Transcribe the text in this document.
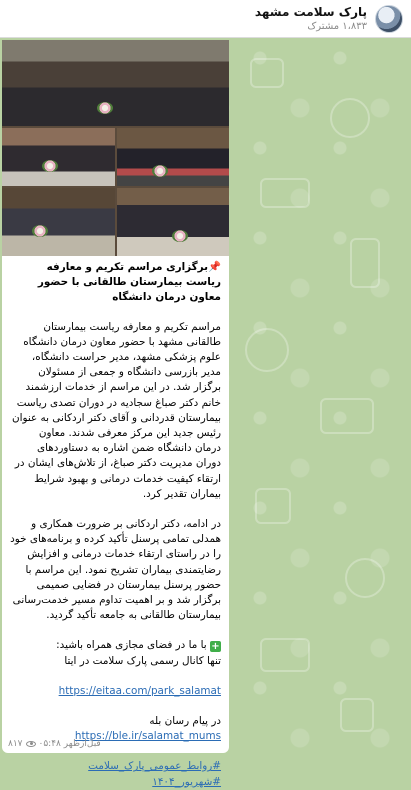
پارک سلامت مشهد
۱،۸۳۳ مشترک
📌برگزاری مراسم تکریم و معارفه ریاست بیمارستان طالقانی با حضور معاون درمان دانشگاه
مراسم تکریم و معارفه ریاست بیمارستان طالقانی مشهد با حضور معاون درمان دانشگاه علوم پزشکی مشهد، مدیر حراست دانشگاه، مدیر بازرسی دانشگاه و جمعی از مسئولان برگزار شد. در این مراسم از خدمات ارزشمند خانم دکتر صباغ سجادیه در دوران تصدی ریاست بیمارستان قدردانی و آقای دکتر اردکانی به عنوان رئیس جدید این مرکز معرفی شدند. معاون درمان دانشگاه ضمن اشاره به دستاوردهای دوران مدیریت دکتر صباغ، از تلاش‌های ایشان در ارتقاء کیفیت خدمات درمانی و بهبود شرایط بیماران تقدیر کرد.
در ادامه، دکتر اردکانی بر ضرورت همکاری و همدلی تمامی پرسنل تأکید کرده و برنامه‌های خود را در راستای ارتقاء خدمات درمانی و افزایش رضایتمندی بیماران تشریح نمود. این مراسم با حضور پرسنل بیمارستان در فضایی صمیمی برگزار شد و بر اهمیت تداوم مسیر خدمت‌رسانی بیمارستان طالقانی به جامعه تأکید گردید.
+ با ما در فضای مجازی همراه باشید:
تنها کانال رسمی پارک سلامت در ایتا
https://eitaa.com/park_salamat
در پیام رسان بله
https://ble.ir/salamat_mums
#روابط_عمومی_پارک_سلامت
#شهریور_۱۴۰۴
۸۱۷ ۰۵:۴۸ قبل‌ازظهر
